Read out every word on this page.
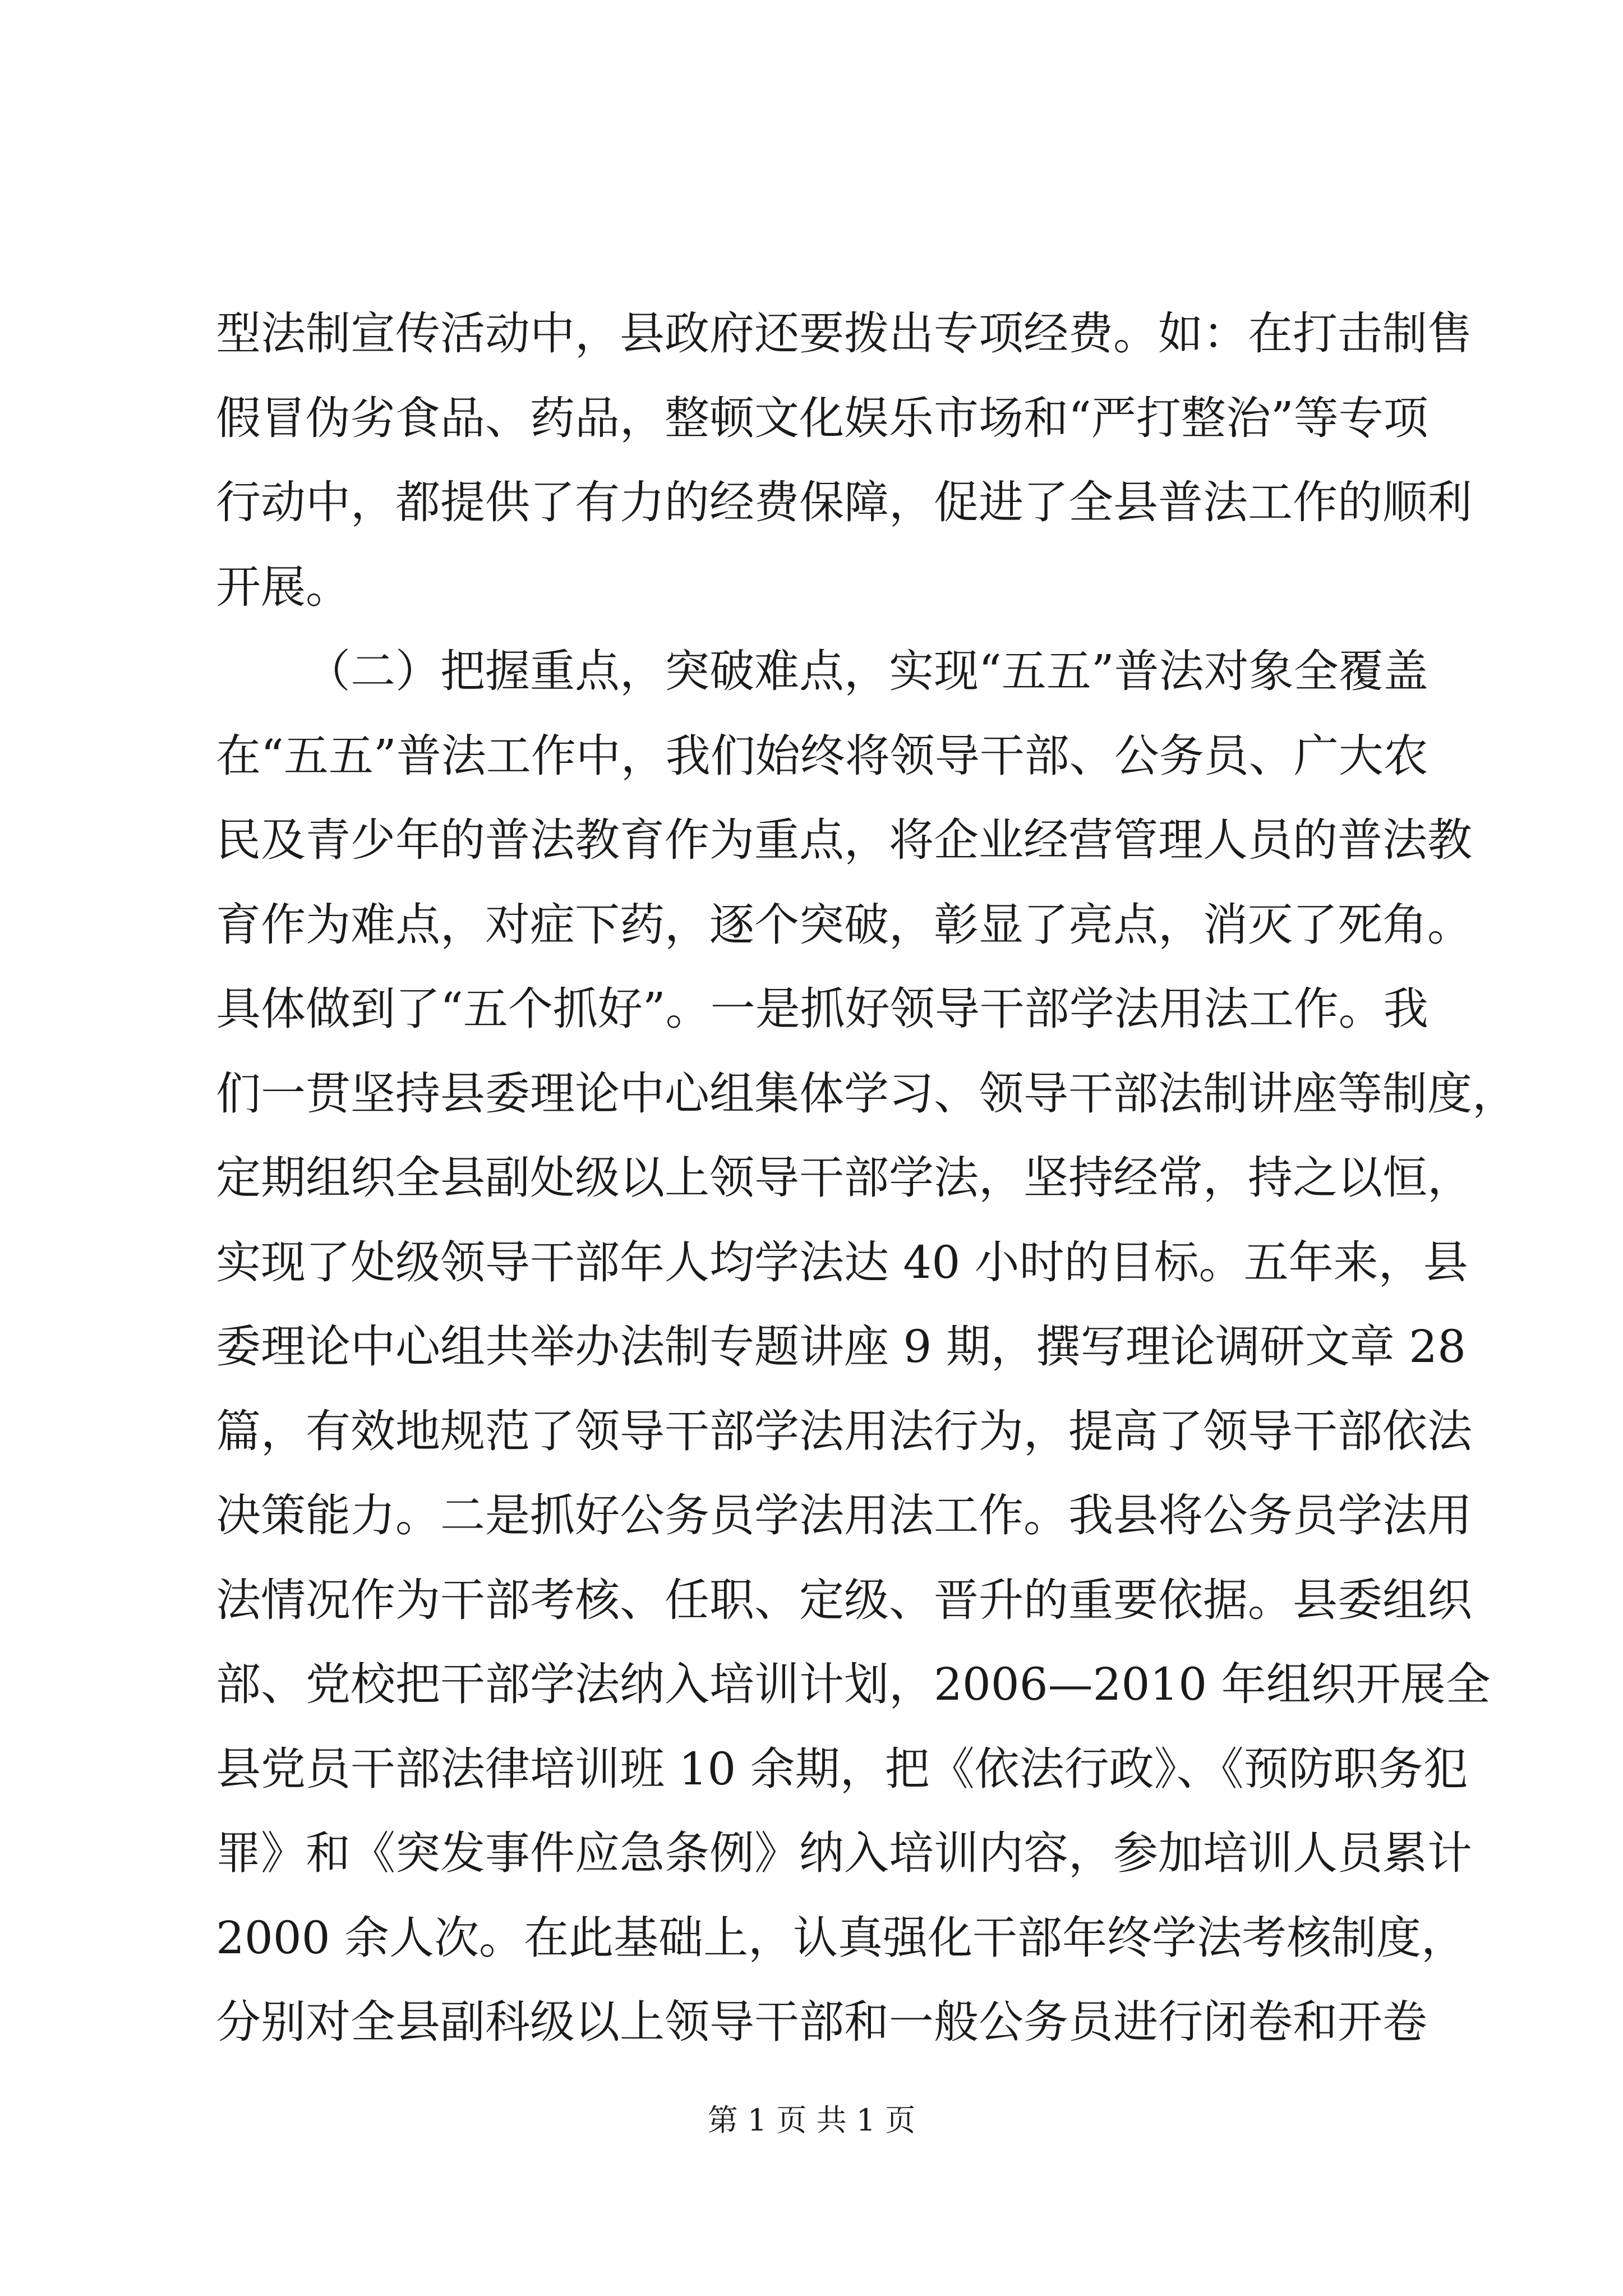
型法制宣传活动中，县政府还要拨出专项经费。如：在打击制售
假冒伪劣食品、药品，整顿文化娱乐市场和“严打整治”等专项
行动中，都提供了有力的经费保障，促进了全县普法工作的顺利
开展。
（二）把握重点，突破难点，实现“五五”普法对象全覆盖
在“五五”普法工作中，我们始终将领导干部、公务员、广大农
民及青少年的普法教育作为重点，将企业经营管理人员的普法教
育作为难点，对症下药，逐个突破，彰显了亮点，消灭了死角。
具体做到了“五个抓好”。一是抓好领导干部学法用法工作。我
们一贯坚持县委理论中心组集体学习、领导干部法制讲座等制度，
定期组织全县副处级以上领导干部学法，坚持经常，持之以恒，
实现了处级领导干部年人均学法达 40 小时的目标。五年来，县
委理论中心组共举办法制专题讲座 9 期，撰写理论调研文章 28
篇，有效地规范了领导干部学法用法行为，提高了领导干部依法
决策能力。二是抓好公务员学法用法工作。我县将公务员学法用
法情况作为干部考核、任职、定级、晋升的重要依据。县委组织
部、党校把干部学法纳入培训计划，2006—2010 年组织开展全
县党员干部法律培训班 10 余期，把《依法行政》、《预防职务犯
罪》和《突发事件应急条例》纳入培训内容，参加培训人员累计
2000 余人次。在此基础上，认真强化干部年终学法考核制度，
分别对全县副科级以上领导干部和一般公务员进行闭卷和开卷
第 1 页 共 1 页
